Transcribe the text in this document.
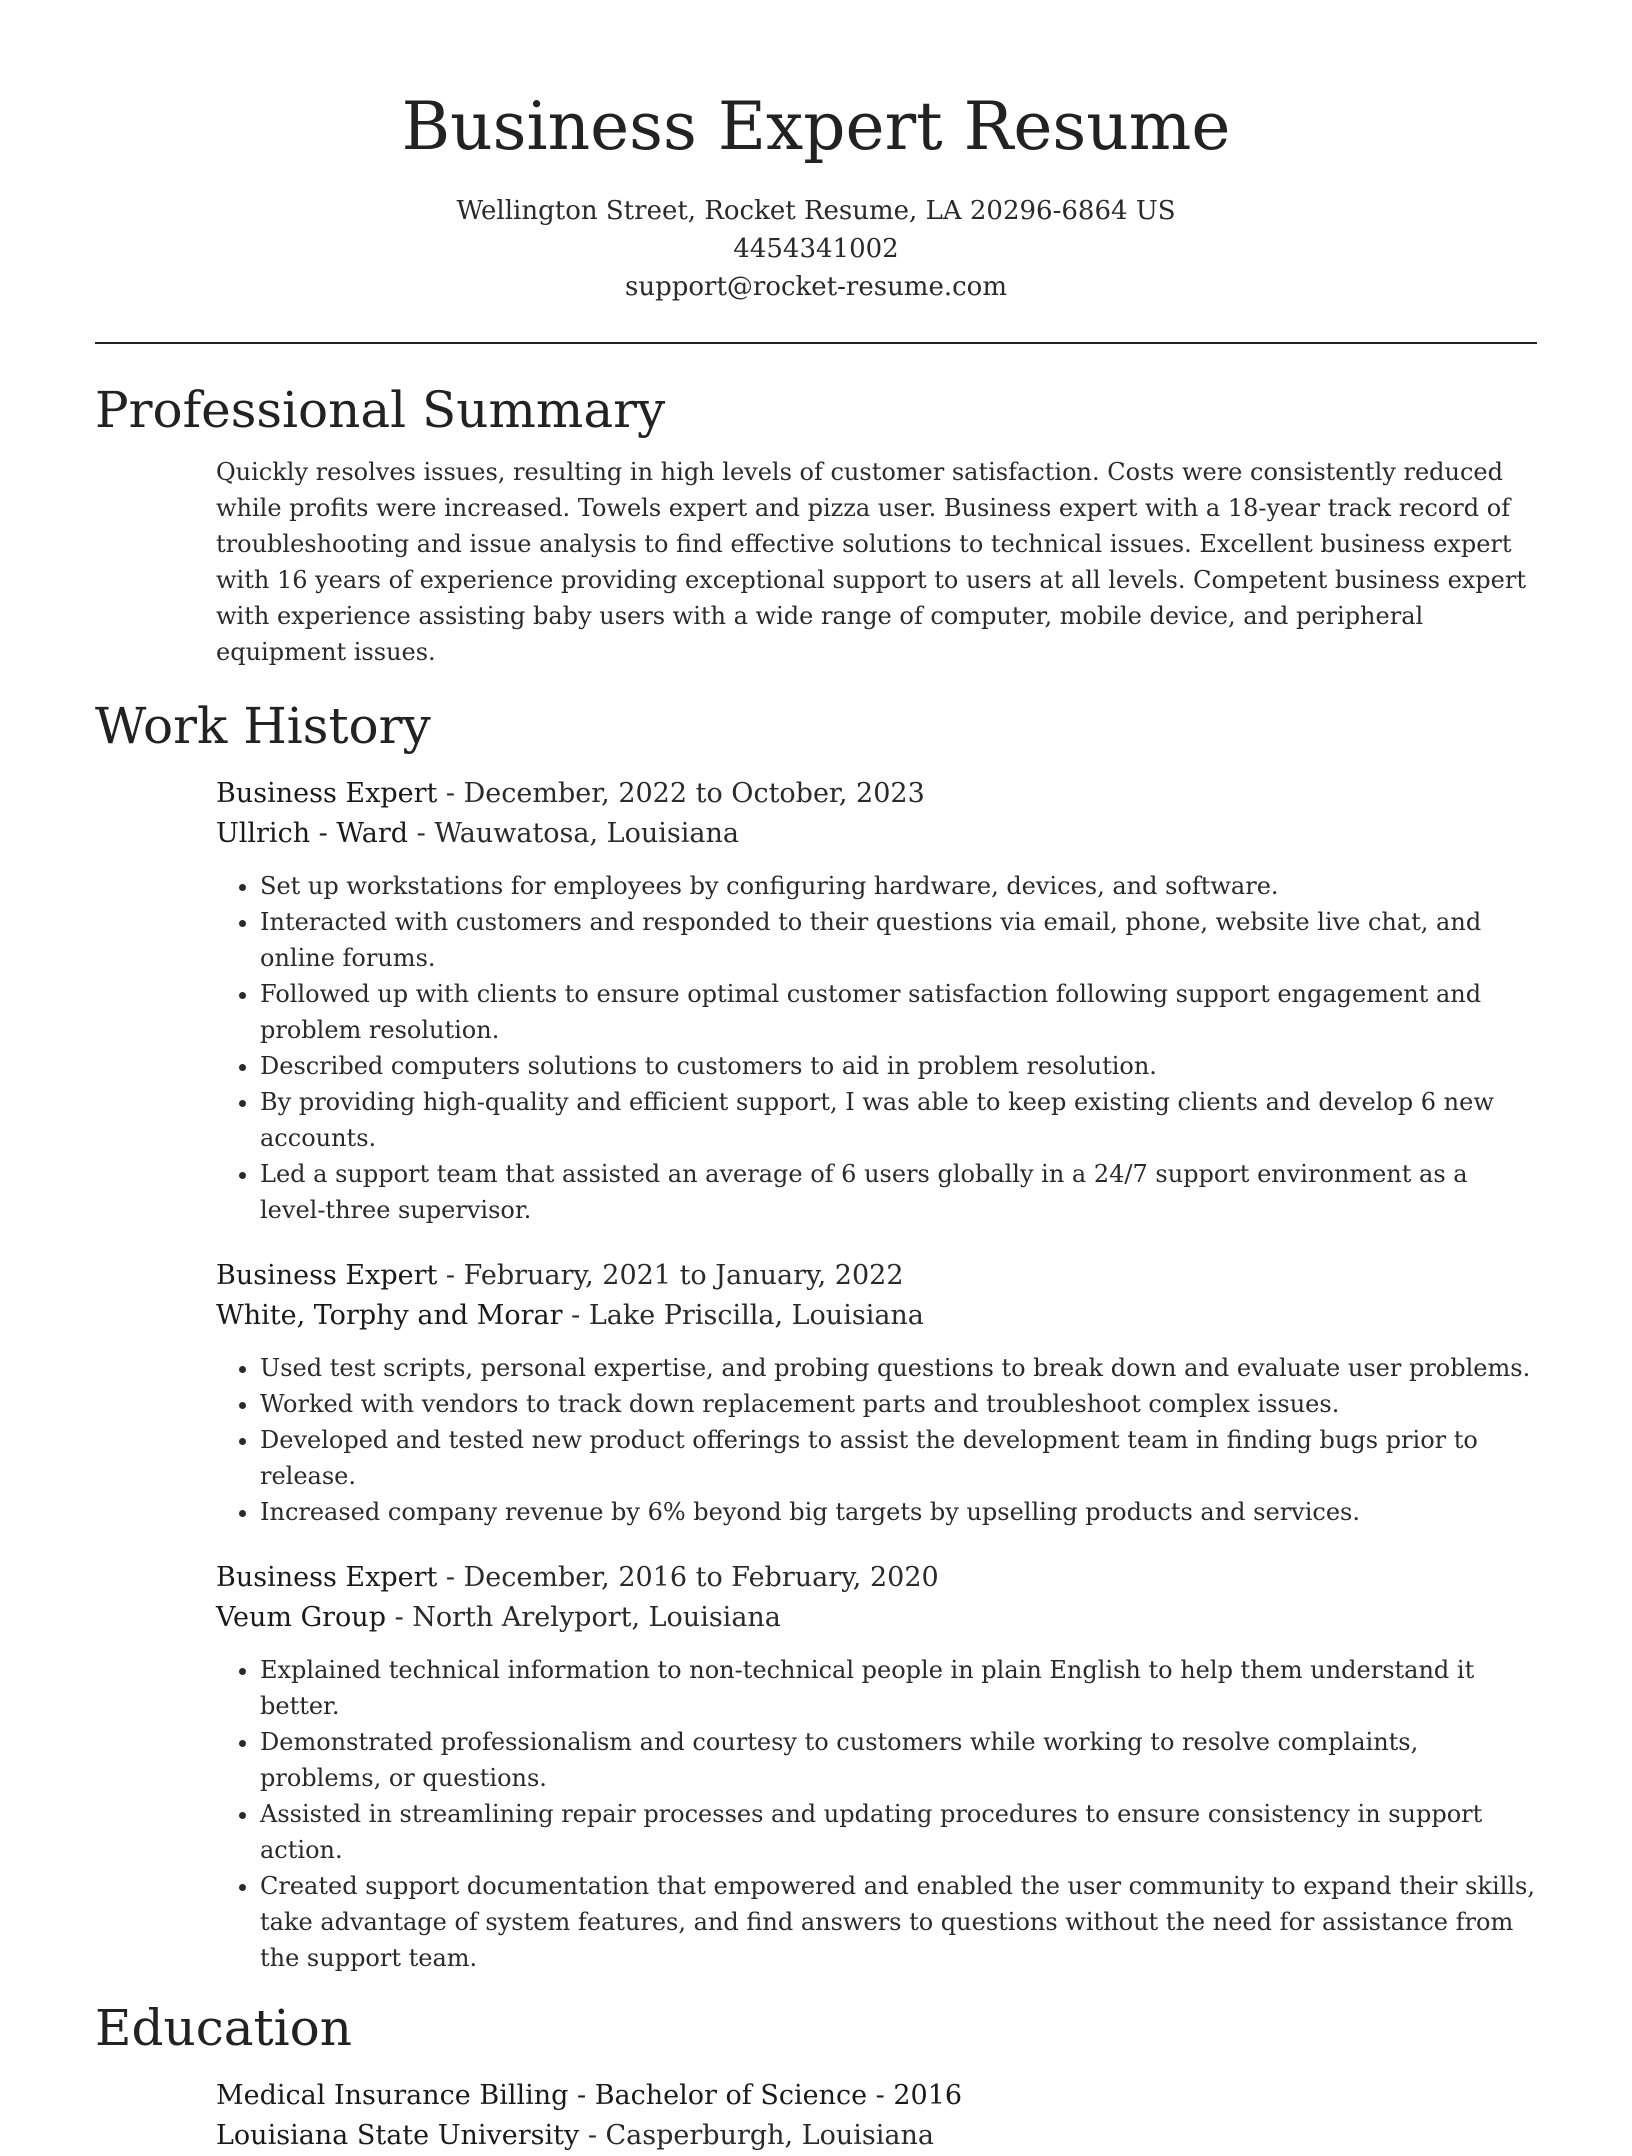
Business Expert Resume
Wellington Street, Rocket Resume, LA 20296-6864 US
4454341002
support@rocket-resume.com
Professional Summary
Quickly resolves issues, resulting in high levels of customer satisfaction. Costs were consistently reduced while profits were increased. Towels expert and pizza user. Business expert with a 18-year track record of troubleshooting and issue analysis to find effective solutions to technical issues. Excellent business expert with 16 years of experience providing exceptional support to users at all levels. Competent business expert with experience assisting baby users with a wide range of computer, mobile device, and peripheral equipment issues.
Work History
Business Expert - December, 2022 to October, 2023
Ullrich - Ward - Wauwatosa, Louisiana
• Set up workstations for employees by configuring hardware, devices, and software.
• Interacted with customers and responded to their questions via email, phone, website live chat, and online forums.
• Followed up with clients to ensure optimal customer satisfaction following support engagement and problem resolution.
• Described computers solutions to customers to aid in problem resolution.
• By providing high-quality and efficient support, I was able to keep existing clients and develop 6 new accounts.
• Led a support team that assisted an average of 6 users globally in a 24/7 support environment as a level-three supervisor.
Business Expert - February, 2021 to January, 2022
White, Torphy and Morar - Lake Priscilla, Louisiana
• Used test scripts, personal expertise, and probing questions to break down and evaluate user problems.
• Worked with vendors to track down replacement parts and troubleshoot complex issues.
• Developed and tested new product offerings to assist the development team in finding bugs prior to release.
• Increased company revenue by 6% beyond big targets by upselling products and services.
Business Expert - December, 2016 to February, 2020
Veum Group - North Arelyport, Louisiana
• Explained technical information to non-technical people in plain English to help them understand it better.
• Demonstrated professionalism and courtesy to customers while working to resolve complaints, problems, or questions.
• Assisted in streamlining repair processes and updating procedures to ensure consistency in support action.
• Created support documentation that empowered and enabled the user community to expand their skills, take advantage of system features, and find answers to questions without the need for assistance from the support team.
Education
Medical Insurance Billing - Bachelor of Science - 2016
Louisiana State University - Casperburgh, Louisiana
